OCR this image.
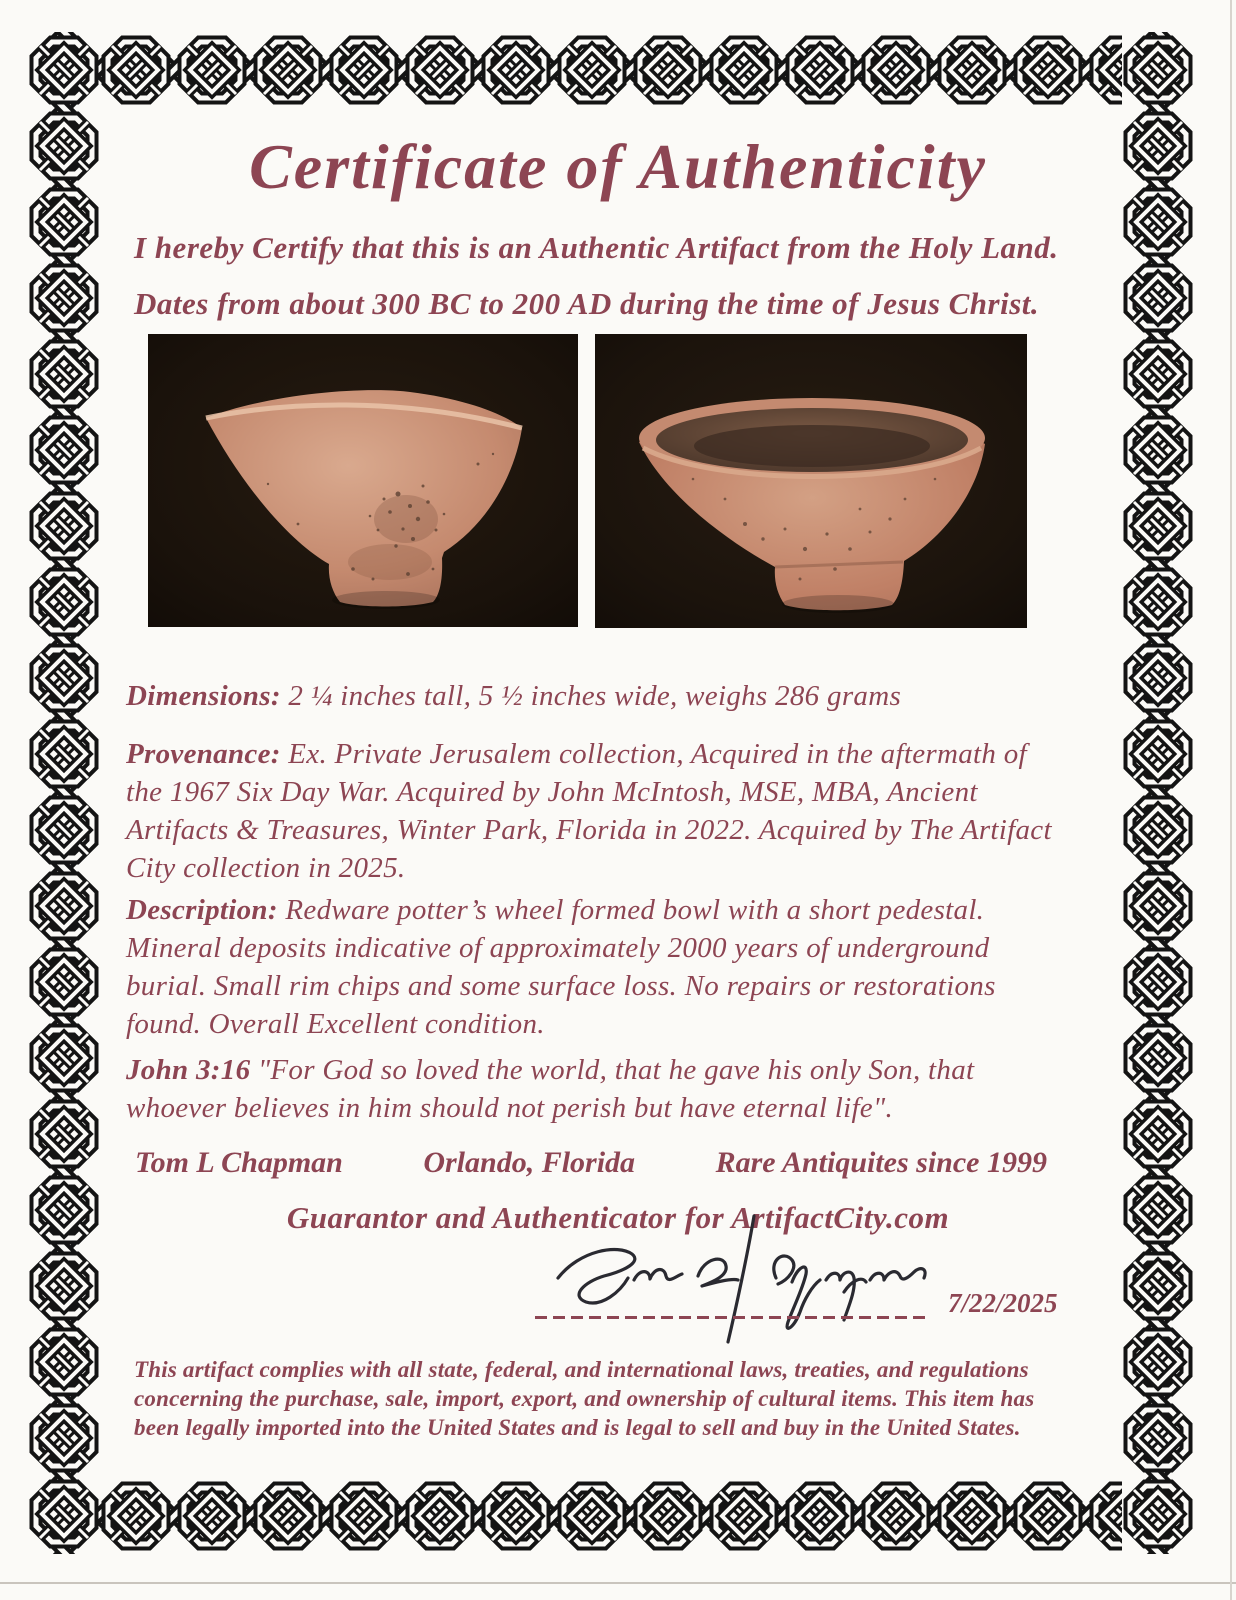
Certificate of Authenticity
I hereby Certify that this is an Authentic Artifact from the Holy Land.
Dates from about 300 BC to 200 AD during the time of Jesus Christ.

Dimensions: 2 ¼ inches tall, 5 ½ inches wide, weighs 286 grams

Provenance: Ex. Private Jerusalem collection, Acquired in the aftermath of the 1967 Six Day War. Acquired by John McIntosh, MSE, MBA, Ancient Artifacts & Treasures, Winter Park, Florida in 2022. Acquired by The Artifact City collection in 2025.

Description: Redware potter’s wheel formed bowl with a short pedestal. Mineral deposits indicative of approximately 2000 years of underground burial. Small rim chips and some surface loss. No repairs or restorations found. Overall Excellent condition.

John 3:16 "For God so loved the world, that he gave his only Son, that whoever believes in him should not perish but have eternal life".

Tom L Chapman	Orlando, Florida	Rare Antiquites since 1999
Guarantor and Authenticator for ArtifactCity.com
7/22/2025

This artifact complies with all state, federal, and international laws, treaties, and regulations concerning the purchase, sale, import, export, and ownership of cultural items. This item has been legally imported into the United States and is legal to sell and buy in the United States.
